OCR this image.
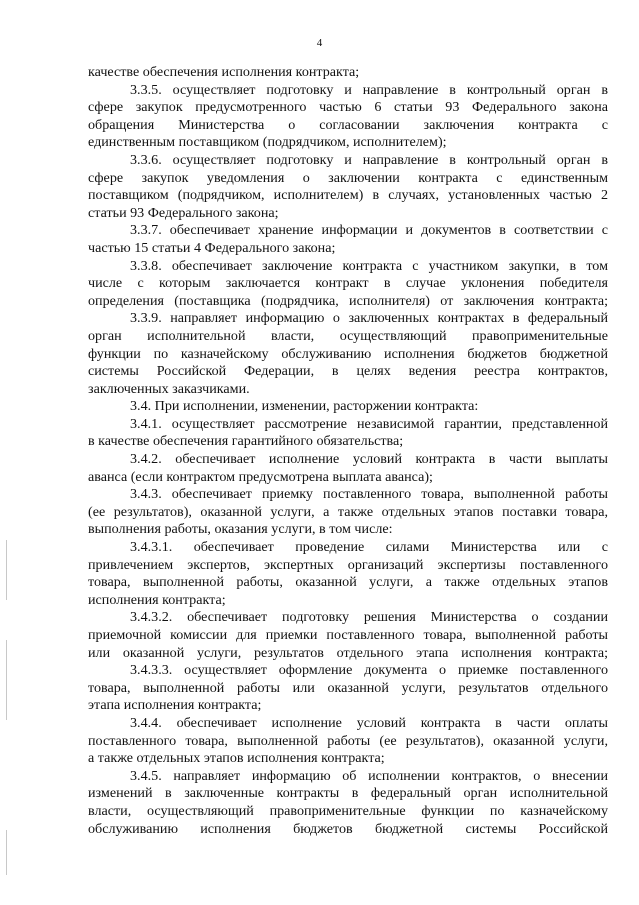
4
качестве обеспечения исполнения контракта;
3.3.5. осуществляет подготовку и направление в контрольный орган в
сфере закупок предусмотренного частью 6 статьи 93 Федерального закона
обращения Министерства о согласовании заключения контракта с
единственным поставщиком (подрядчиком, исполнителем);
3.3.6. осуществляет подготовку и направление в контрольный орган в
сфере закупок уведомления о заключении контракта с единственным
поставщиком (подрядчиком, исполнителем) в случаях, установленных частью 2
статьи 93 Федерального закона;
3.3.7. обеспечивает хранение информации и документов в соответствии с
частью 15 статьи 4 Федерального закона;
3.3.8. обеспечивает заключение контракта с участником закупки, в том
числе с которым заключается контракт в случае уклонения победителя
определения (поставщика (подрядчика, исполнителя) от заключения контракта;
3.3.9. направляет информацию о заключенных контрактах в федеральный
орган исполнительной власти, осуществляющий правоприменительные
функции по казначейскому обслуживанию исполнения бюджетов бюджетной
системы Российской Федерации, в целях ведения реестра контрактов,
заключенных заказчиками.
3.4. При исполнении, изменении, расторжении контракта:
3.4.1. осуществляет рассмотрение независимой гарантии, представленной
в качестве обеспечения гарантийного обязательства;
3.4.2. обеспечивает исполнение условий контракта в части выплаты
аванса (если контрактом предусмотрена выплата аванса);
3.4.3. обеспечивает приемку поставленного товара, выполненной работы
(ее результатов), оказанной услуги, а также отдельных этапов поставки товара,
выполнения работы, оказания услуги, в том числе:
3.4.3.1. обеспечивает проведение силами Министерства или с
привлечением экспертов, экспертных организаций экспертизы поставленного
товара, выполненной работы, оказанной услуги, а также отдельных этапов
исполнения контракта;
3.4.3.2. обеспечивает подготовку решения Министерства о создании
приемочной комиссии для приемки поставленного товара, выполненной работы
или оказанной услуги, результатов отдельного этапа исполнения контракта;
3.4.3.3. осуществляет оформление документа о приемке поставленного
товара, выполненной работы или оказанной услуги, результатов отдельного
этапа исполнения контракта;
3.4.4. обеспечивает исполнение условий контракта в части оплаты
поставленного товара, выполненной работы (ее результатов), оказанной услуги,
а также отдельных этапов исполнения контракта;
3.4.5. направляет информацию об исполнении контрактов, о внесении
изменений в заключенные контракты в федеральный орган исполнительной
власти, осуществляющий правоприменительные функции по казначейскому
обслуживанию исполнения бюджетов бюджетной системы Российской
